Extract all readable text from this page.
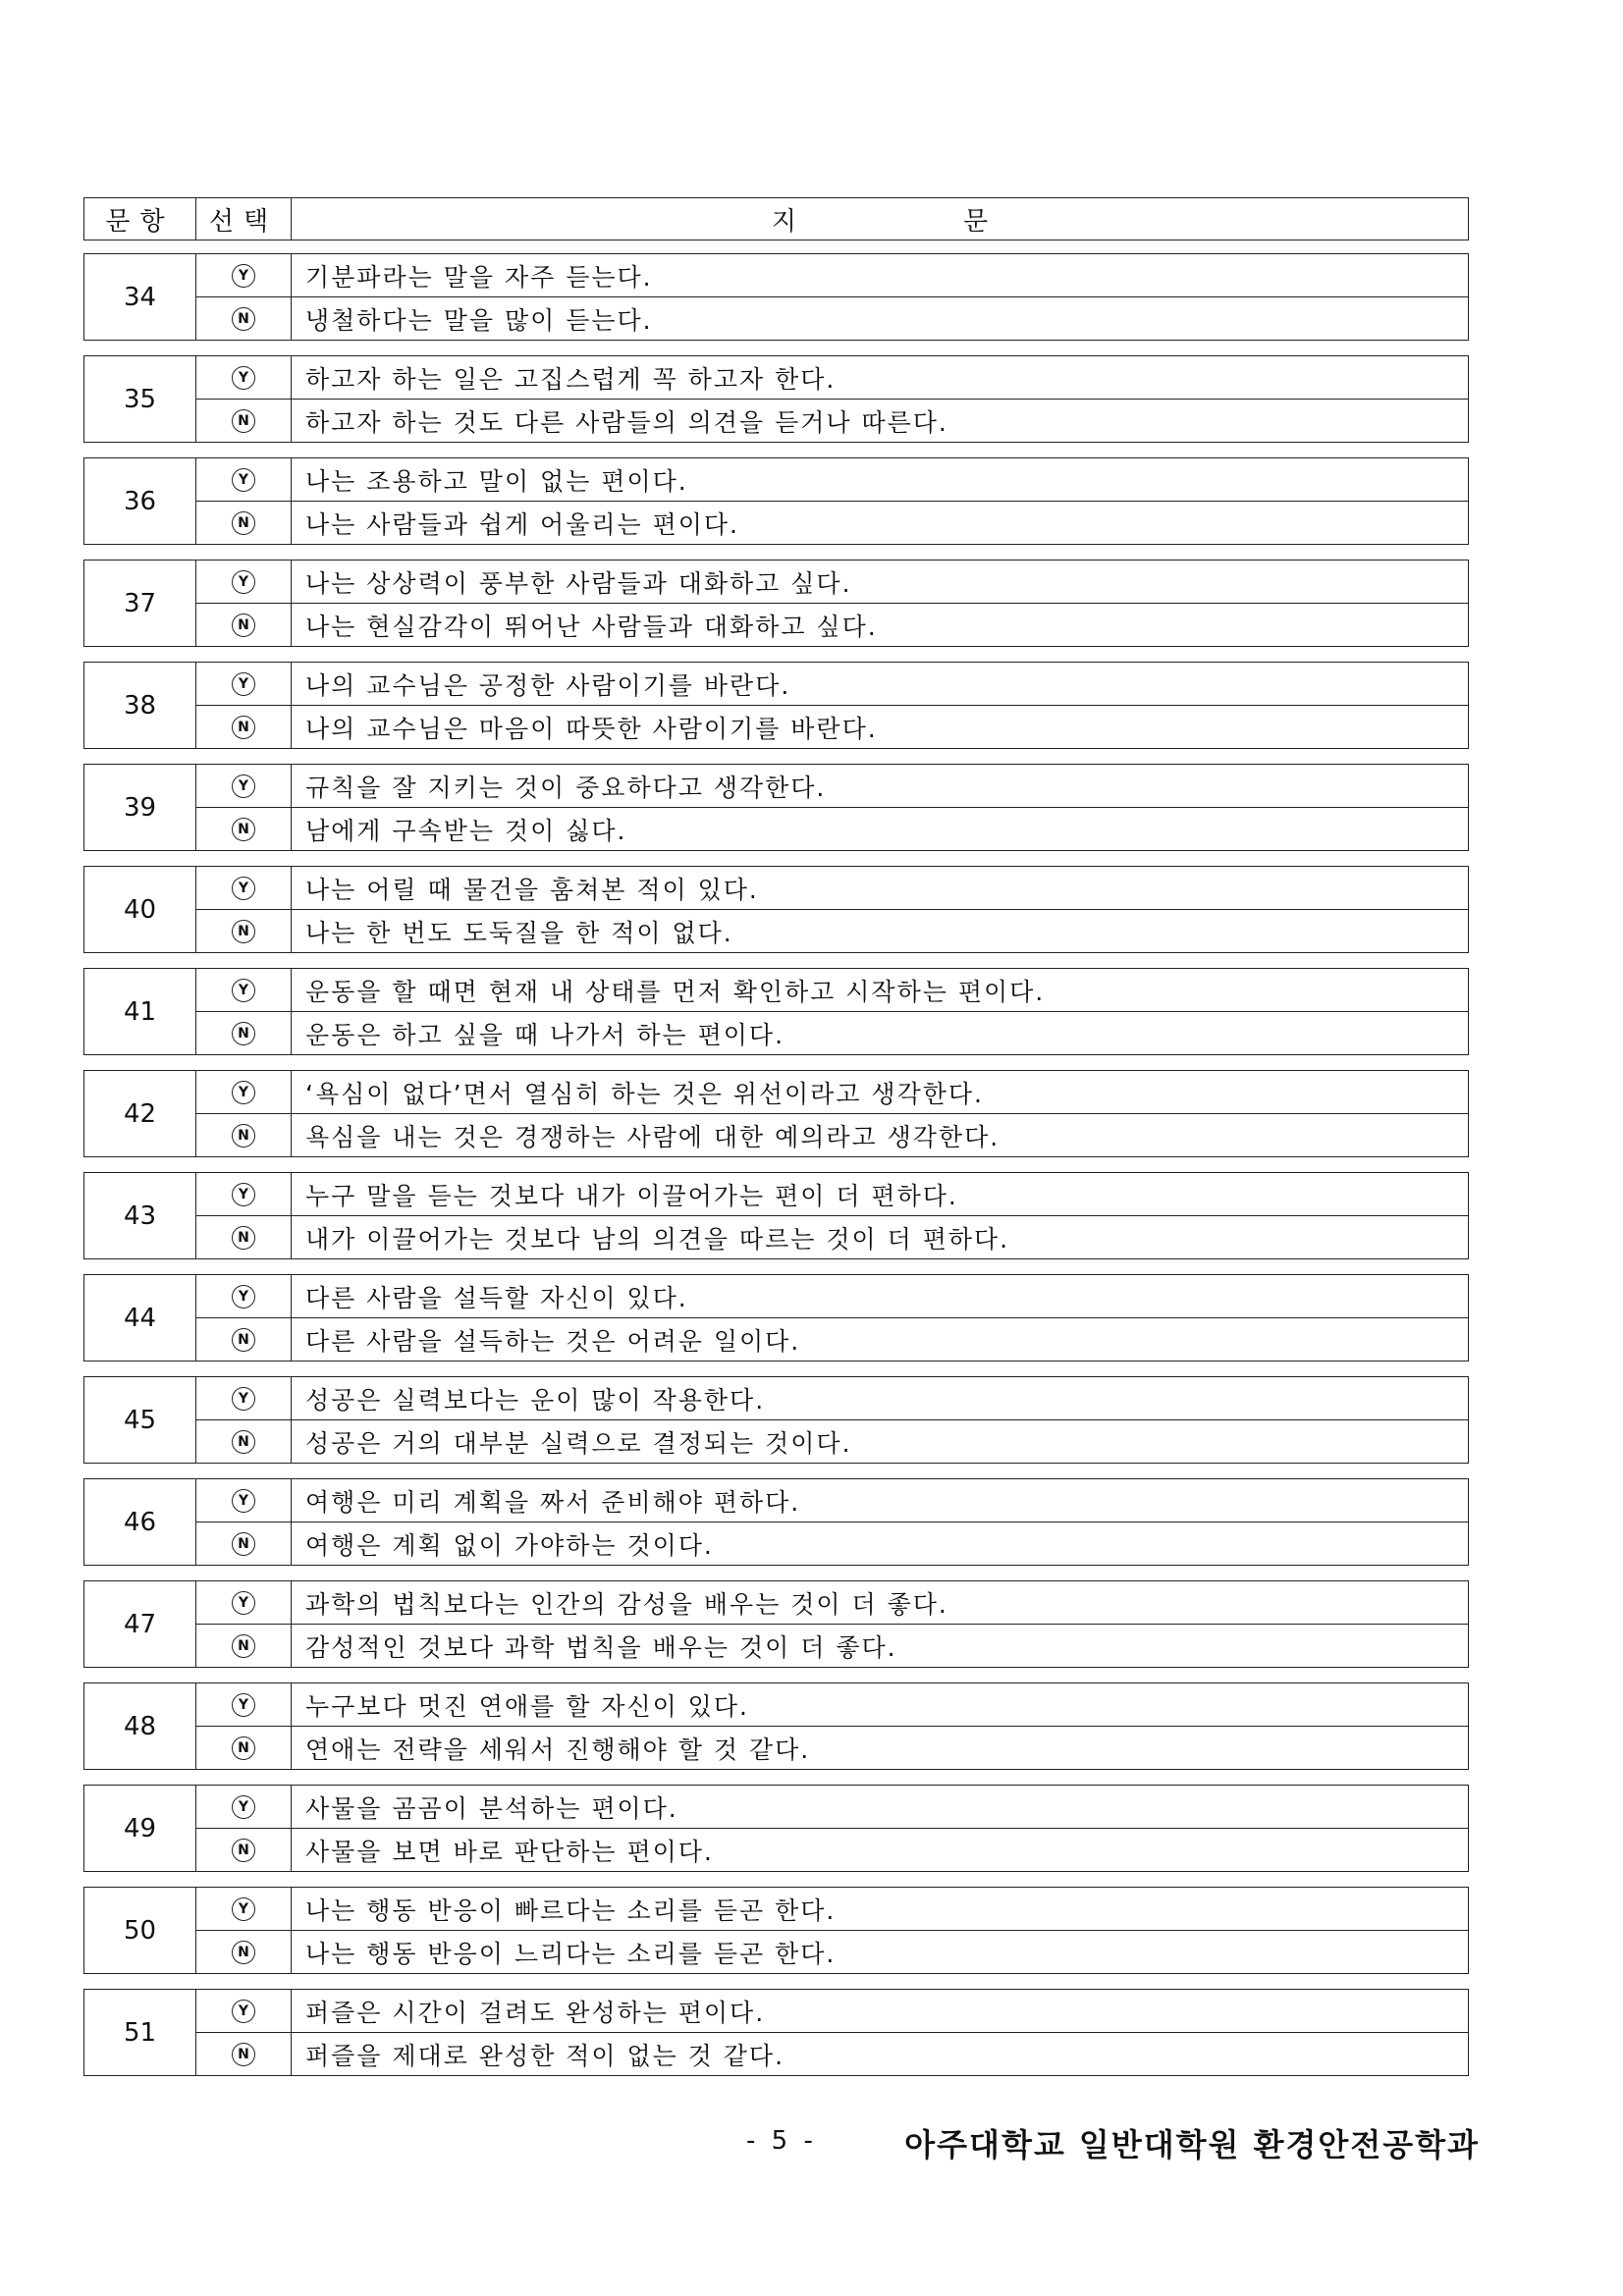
문항	선택	지	문
34
Y	기분파라는 말을 자주 듣는다.
N	냉철하다는 말을 많이 듣는다.
35
Y	하고자 하는 일은 고집스럽게 꼭 하고자 한다.
N	하고자 하는 것도 다른 사람들의 의견을 듣거나 따른다.
36
Y	나는 조용하고 말이 없는 편이다.
N	나는 사람들과 쉽게 어울리는 편이다.
37
Y	나는 상상력이 풍부한 사람들과 대화하고 싶다.
N	나는 현실감각이 뛰어난 사람들과 대화하고 싶다.
38
Y	나의 교수님은 공정한 사람이기를 바란다.
N	나의 교수님은 마음이 따뜻한 사람이기를 바란다.
39
Y	규칙을 잘 지키는 것이 중요하다고 생각한다.
N	남에게 구속받는 것이 싫다.
40
Y	나는 어릴 때 물건을 훔쳐본 적이 있다.
N	나는 한 번도 도둑질을 한 적이 없다.
41
Y	운동을 할 때면 현재 내 상태를 먼저 확인하고 시작하는 편이다.
N	운동은 하고 싶을 때 나가서 하는 편이다.
42
Y	‘욕심이 없다’면서 열심히 하는 것은 위선이라고 생각한다.
N	욕심을 내는 것은 경쟁하는 사람에 대한 예의라고 생각한다.
43
Y	누구 말을 듣는 것보다 내가 이끌어가는 편이 더 편하다.
N	내가 이끌어가는 것보다 남의 의견을 따르는 것이 더 편하다.
44
Y	다른 사람을 설득할 자신이 있다.
N	다른 사람을 설득하는 것은 어려운 일이다.
45
Y	성공은 실력보다는 운이 많이 작용한다.
N	성공은 거의 대부분 실력으로 결정되는 것이다.
46
Y	여행은 미리 계획을 짜서 준비해야 편하다.
N	여행은 계획 없이 가야하는 것이다.
47
Y	과학의 법칙보다는 인간의 감성을 배우는 것이 더 좋다.
N	감성적인 것보다 과학 법칙을 배우는 것이 더 좋다.
48
Y	누구보다 멋진 연애를 할 자신이 있다.
N	연애는 전략을 세워서 진행해야 할 것 같다.
49
Y	사물을 곰곰이 분석하는 편이다.
N	사물을 보면 바로 판단하는 편이다.
50
Y	나는 행동 반응이 빠르다는 소리를 듣곤 한다.
N	나는 행동 반응이 느리다는 소리를 듣곤 한다.
51
Y	퍼즐은 시간이 걸려도 완성하는 편이다.
N	퍼즐을 제대로 완성한 적이 없는 것 같다.
- 5 -	아주대학교 일반대학원 환경안전공학과
